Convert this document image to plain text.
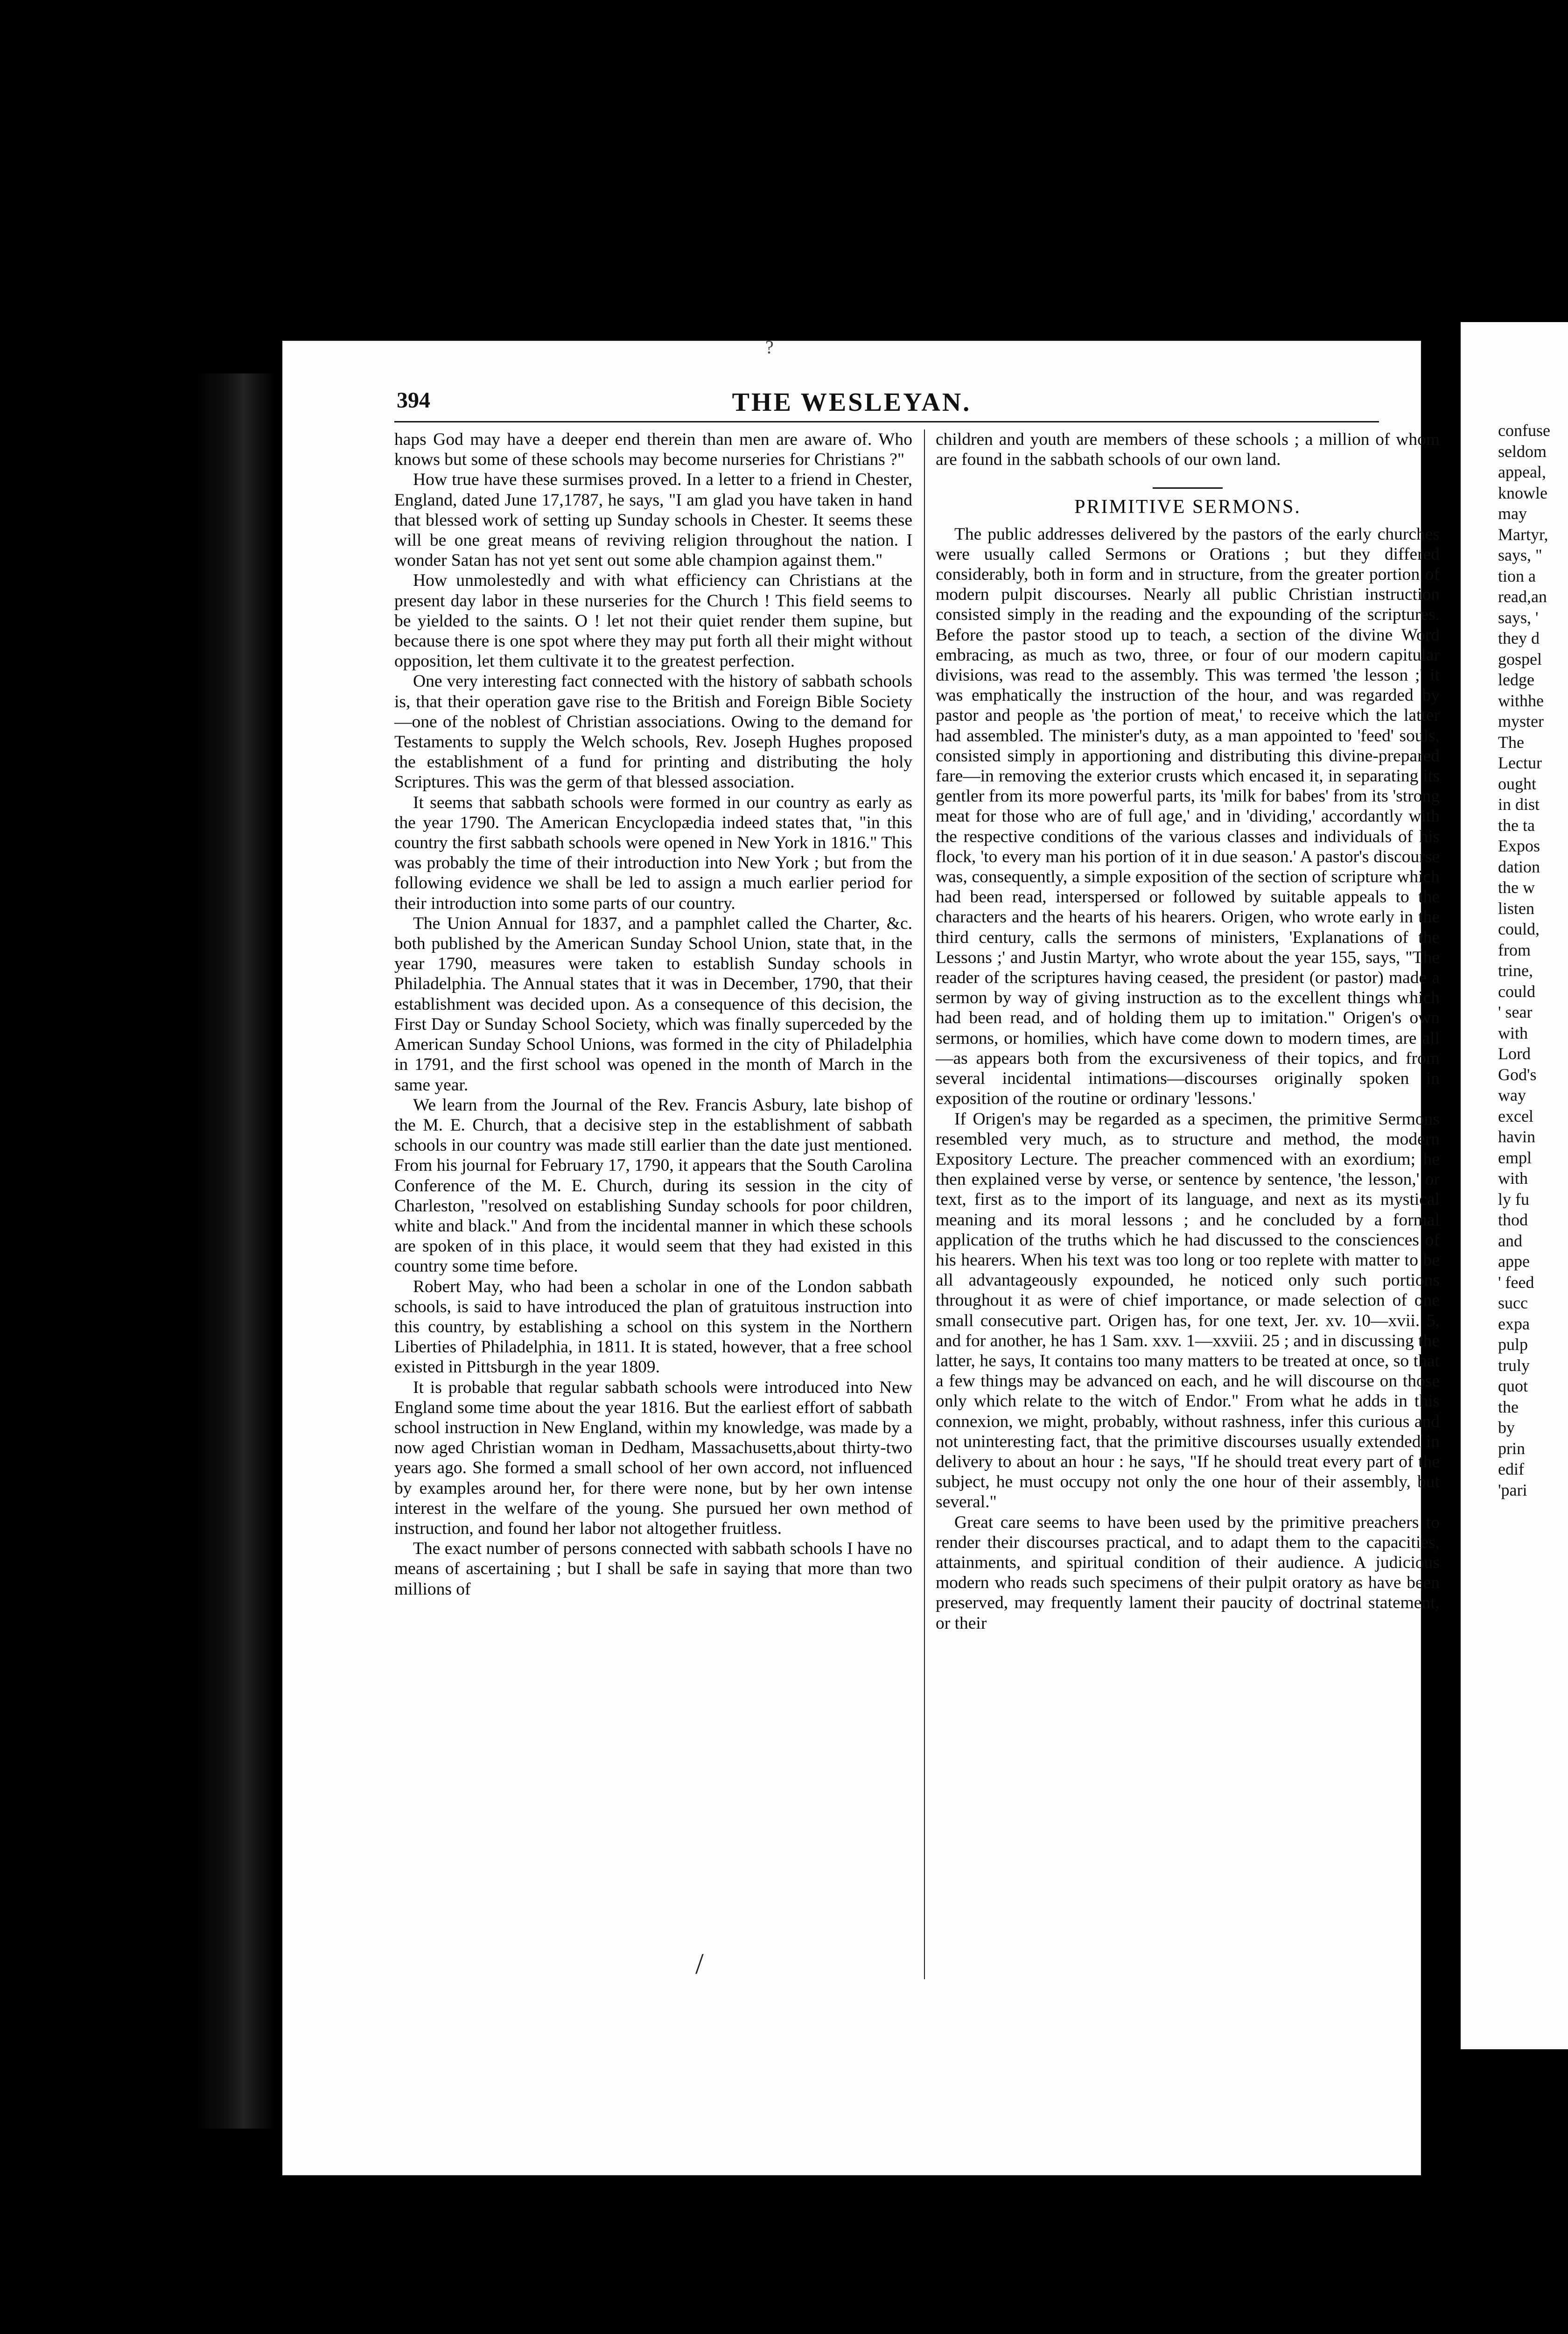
?
394	THE WESLEYAN.

haps God may have a deeper end therein than men are aware of. Who knows but some of these schools may become nurseries for Christians ?"

How true have these surmises proved. In a letter to a friend in Chester, England, dated June 17,1787, he says, "I am glad you have taken in hand that blessed work of setting up Sunday schools in Chester. It seems these will be one great means of reviving religion throughout the nation. I wonder Satan has not yet sent out some able champion against them."

How unmolestedly and with what efficiency can Christians at the present day labor in these nurseries for the Church ! This field seems to be yielded to the saints. O ! let not their quiet render them supine, but because there is one spot where they may put forth all their might without opposition, let them cultivate it to the greatest perfection.

One very interesting fact connected with the history of sabbath schools is, that their operation gave rise to the British and Foreign Bible Society—one of the noblest of Christian associations. Owing to the demand for Testaments to supply the Welch schools, Rev. Joseph Hughes proposed the establishment of a fund for printing and distributing the holy Scriptures. This was the germ of that blessed association.

It seems that sabbath schools were formed in our country as early as the year 1790. The American Encyclopædia indeed states that, "in this country the first sabbath schools were opened in New York in 1816." This was probably the time of their introduction into New York ; but from the following evidence we shall be led to assign a much earlier period for their introduction into some parts of our country.

The Union Annual for 1837, and a pamphlet called the Charter, &c. both published by the American Sunday School Union, state that, in the year 1790, measures were taken to establish Sunday schools in Philadelphia. The Annual states that it was in December, 1790, that their establishment was decided upon. As a consequence of this decision, the First Day or Sunday School Society, which was finally superceded by the American Sunday School Unions, was formed in the city of Philadelphia in 1791, and the first school was opened in the month of March in the same year.

We learn from the Journal of the Rev. Francis Asbury, late bishop of the M. E. Church, that a decisive step in the establishment of sabbath schools in our country was made still earlier than the date just mentioned. From his journal for February 17, 1790, it appears that the South Carolina Conference of the M. E. Church, during its session in the city of Charleston, "resolved on establishing Sunday schools for poor children, white and black." And from the incidental manner in which these schools are spoken of in this place, it would seem that they had existed in this country some time before.

Robert May, who had been a scholar in one of the London sabbath schools, is said to have introduced the plan of gratuitous instruction into this country, by establishing a school on this system in the Northern Liberties of Philadelphia, in 1811. It is stated, however, that a free school existed in Pittsburgh in the year 1809.

It is probable that regular sabbath schools were introduced into New England some time about the year 1816. But the earliest effort of sabbath school instruction in New England, within my knowledge, was made by a now aged Christian woman in Dedham, Massachusetts,about thirty-two years ago. She formed a small school of her own accord, not influenced by examples around her, for there were none, but by her own intense interest in the welfare of the young. She pursued her own method of instruction, and found her labor not altogether fruitless.

The exact number of persons connected with sabbath schools I have no means of ascertaining ; but I shall be safe in saying that more than two millions of

children and youth are members of these schools ; a million of whom are found in the sabbath schools of our own land.

PRIMITIVE SERMONS.

The public addresses delivered by the pastors of the early churches were usually called Sermons or Orations ; but they differed considerably, both in form and in structure, from the greater portion of modern pulpit discourses. Nearly all public Christian instruction consisted simply in the reading and the expounding of the scriptures. Before the pastor stood up to teach, a section of the divine Word embracing, as much as two, three, or four of our modern capitular divisions, was read to the assembly. This was termed 'the lesson ;' it was emphatically the instruction of the hour, and was regarded by pastor and people as 'the portion of meat,' to receive which the latter had assembled. The minister's duty, as a man appointed to 'feed' souls, consisted simply in apportioning and distributing this divine-prepared fare—in removing the exterior crusts which encased it, in separating its gentler from its more powerful parts, its 'milk for babes' from its 'strong meat for those who are of full age,' and in 'dividing,' accordantly with the respective conditions of the various classes and individuals of his flock, 'to every man his portion of it in due season.' A pastor's discourse was, consequently, a simple exposition of the section of scripture which had been read, interspersed or followed by suitable appeals to the characters and the hearts of his hearers. Origen, who wrote early in the third century, calls the sermons of ministers, 'Explanations of the Lessons ;' and Justin Martyr, who wrote about the year 155, says, "The reader of the scriptures having ceased, the president (or pastor) made a sermon by way of giving instruction as to the excellent things which had been read, and of holding them up to imitation." Origen's own sermons, or homilies, which have come down to modern times, are all—as appears both from the excursiveness of their topics, and from several incidental intimations—discourses originally spoken in exposition of the routine or ordinary 'lessons.'

If Origen's may be regarded as a specimen, the primitive Sermons resembled very much, as to structure and method, the modern Expository Lecture. The preacher commenced with an exordium; he then explained verse by verse, or sentence by sentence, 'the lesson,' or text, first as to the import of its language, and next as its mystical meaning and its moral lessons ; and he concluded by a formal application of the truths which he had discussed to the consciences of his hearers. When his text was too long or too replete with matter to be all advantageously expounded, he noticed only such portions throughout it as were of chief importance, or made selection of one small consecutive part. Origen has, for one text, Jer. xv. 10—xvii. 5, and for another, he has 1 Sam. xxv. 1—xxviii. 25 ; and in discussing the latter, he says, It contains too many matters to be treated at once, so that a few things may be advanced on each, and he will discourse on those only which relate to the witch of Endor." From what he adds in this connexion, we might, probably, without rashness, infer this curious and not uninteresting fact, that the primitive discourses usually extended in delivery to about an hour : he says, "If he should treat every part of the subject, he must occupy not only the one hour of their assembly, but several."

Great care seems to have been used by the primitive preachers to render their discourses practical, and to adapt them to the capacities, attainments, and spiritual condition of their audience. A judicious modern who reads such specimens of their pulpit oratory as have been preserved, may frequently lament their paucity of doctrinal statement, or their

/
confuse
seldom
appeal,
knowle
may
Martyr,
says, "
tion a
read,an
says, '
they d
gospel
ledge
withhe
myster
The
Lectur
ought
in dist
the ta
Expos
dation
the w
listen
could,
from
trine,
could
' sear
with
Lord
God's
way
excel
havin
empl
with
ly fu
thod
and
appe
' feed
succ
expa
pulp
truly
quot
the
by
prin
edif
'pari
